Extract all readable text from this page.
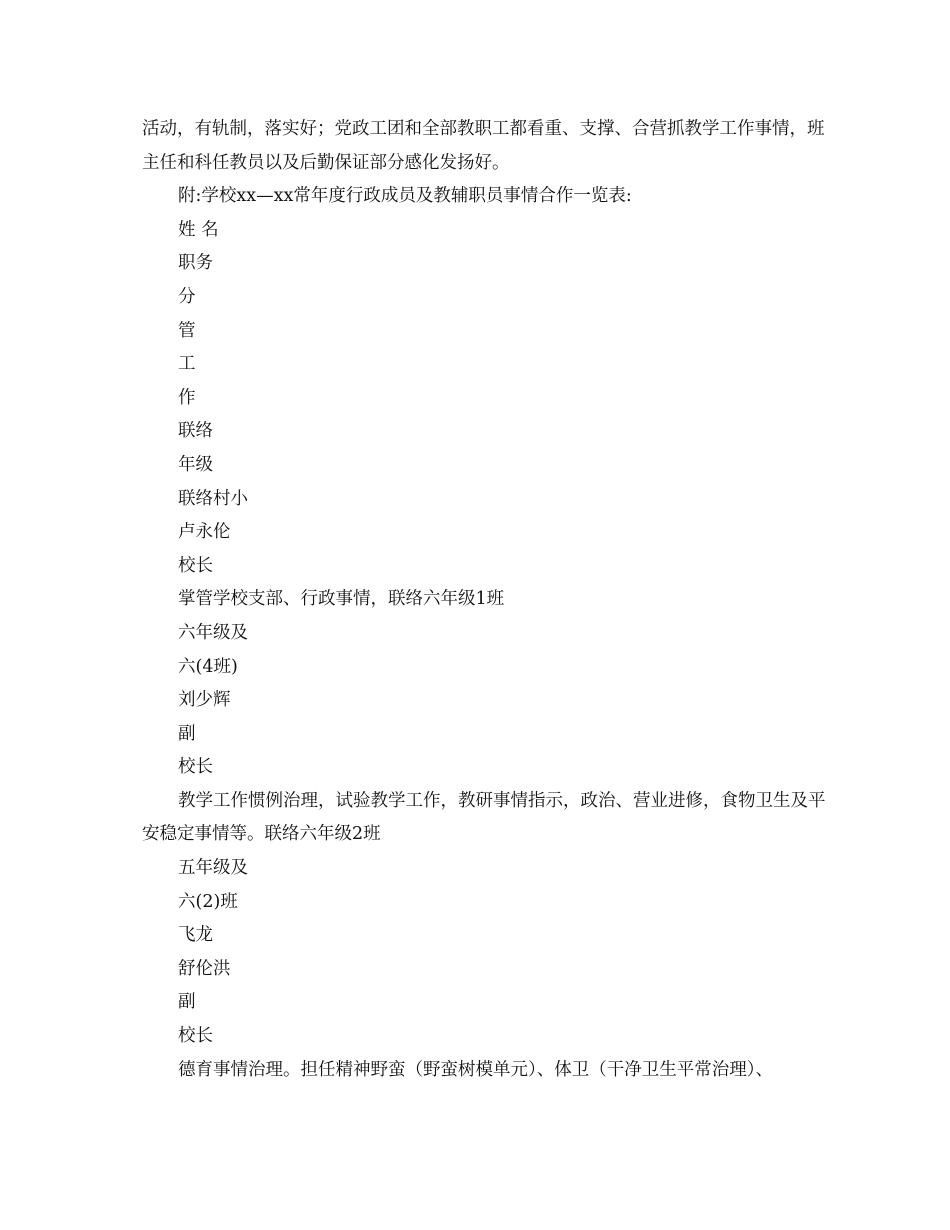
活动，有轨制，落实好；党政工团和全部教职工都看重、支撑、合营抓教学工作事情，班主任和科任教员以及后勤保证部分感化发扬好。

附:学校xx—xx常年度行政成员及教辅职员事情合作一览表:

姓 名

职务

分

管

工

作

联络

年级

联络村小

卢永伦

校长

掌管学校支部、行政事情，联络六年级1班

六年级及

六(4班)

刘少辉

副

校长

教学工作惯例治理，试验教学工作，教研事情指示，政治、营业进修，食物卫生及平安稳定事情等。联络六年级2班

五年级及

六(2)班

飞龙

舒伦洪

副

校长

德育事情治理。担任精神野蛮（野蛮树模单元）、体卫（干净卫生平常治理）、
